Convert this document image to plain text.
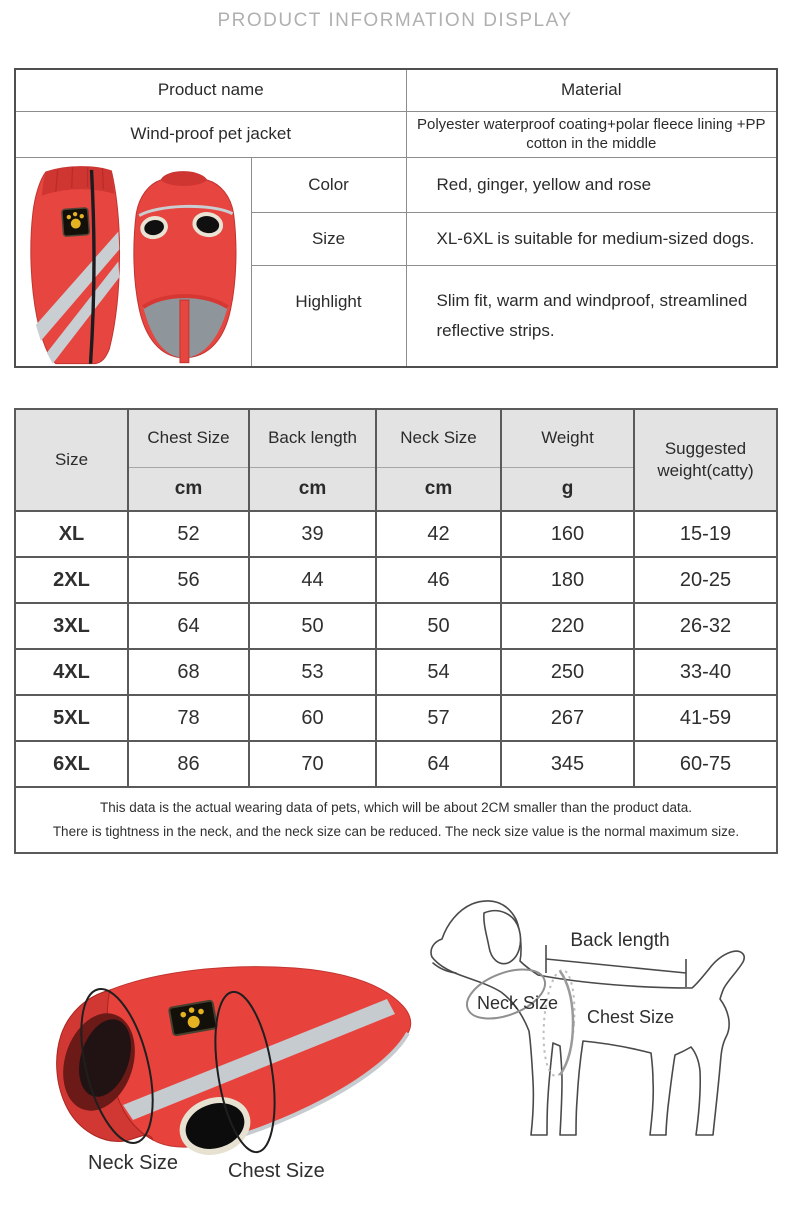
PRODUCT INFORMATION DISPLAY
Product name		Material
Wind-proof pet jacket		Polyester waterproof coating+polar fleece lining +PP cotton in the middle

	Color	Red, ginger, yellow and rose
	Size	XL-6XL is suitable for medium-sized dogs.
	Highlight	Slim fit, warm and windproof, streamlined reflective strips.
Size	Chest Size	Back length	Neck Size	Weight	Suggested weight(catty)
	cm	cm	cm	g	
XL	52	39	42	160	15-19
2XL	56	44	46	180	20-25
3XL	64	50	50	220	26-32
4XL	68	53	54	250	33-40
5XL	78	60	57	267	41-59
6XL	86	70	64	345	60-75

This data is the actual wearing data of pets, which will be about 2CM smaller than the product data.
There is tightness in the neck, and the neck size can be reduced. The neck size value is the normal maximum size.					
Back length
Neck Size
Chest Size
Neck Size Chest Size
